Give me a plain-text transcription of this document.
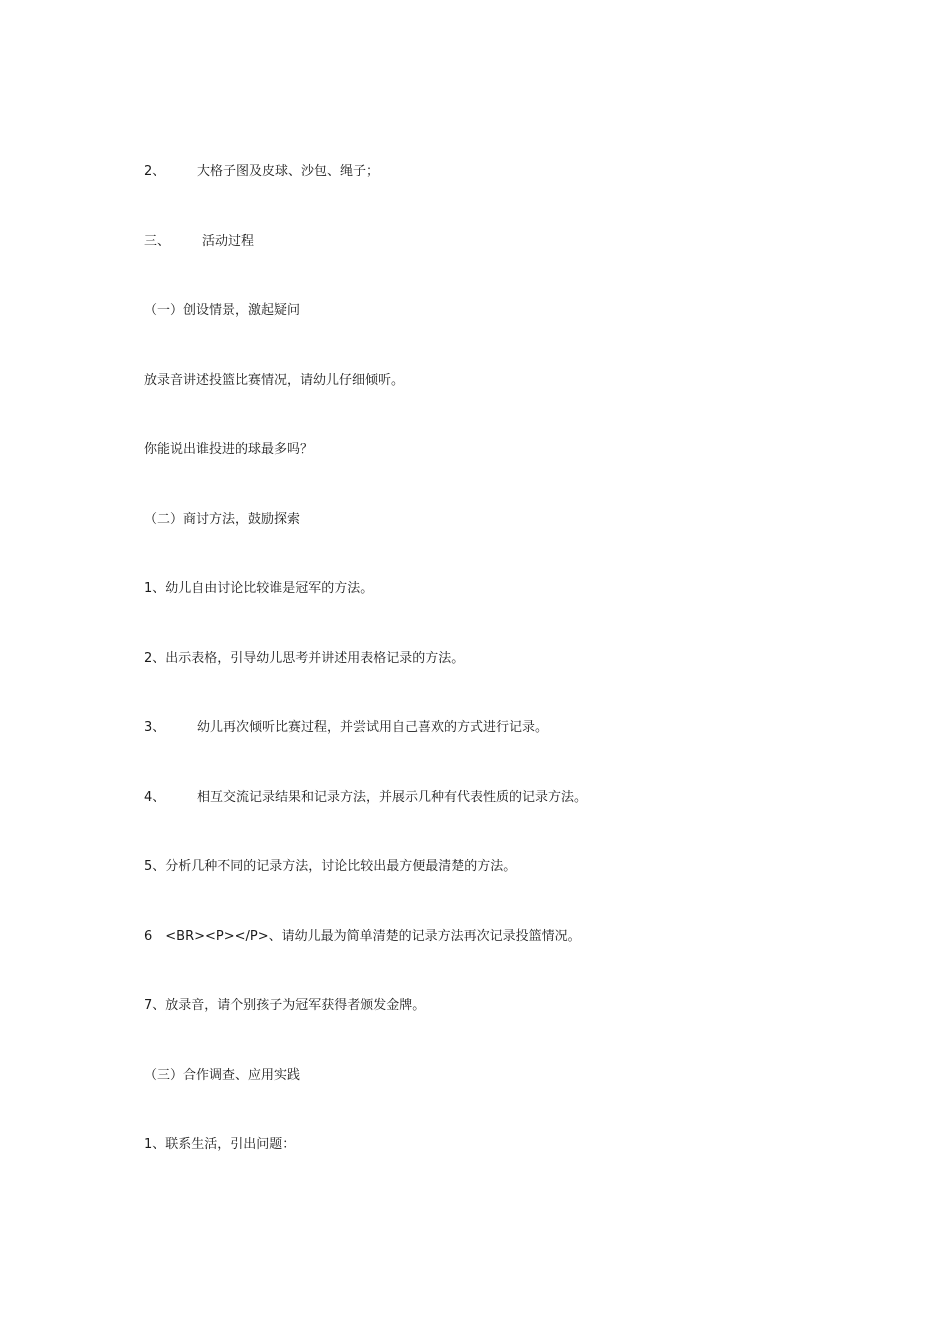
2、 大格子图及皮球、沙包、绳子；
三、 活动过程
（一）创设情景，激起疑问
放录音讲述投篮比赛情况，请幼儿仔细倾听。
你能说出谁投进的球最多吗？
（二）商讨方法，鼓励探索
1、幼儿自由讨论比较谁是冠军的方法。
2、出示表格，引导幼儿思考并讲述用表格记录的方法。
3、 幼儿再次倾听比赛过程，并尝试用自己喜欢的方式进行记录。
4、 相互交流记录结果和记录方法，并展示几种有代表性质的记录方法。
5、分析几种不同的记录方法，讨论比较出最方便最清楚的方法。
6　<BR><P></P>、请幼儿最为简单清楚的记录方法再次记录投篮情况。
7、放录音，请个别孩子为冠军获得者颁发金牌。
（三）合作调查、应用实践
1、联系生活，引出问题：
